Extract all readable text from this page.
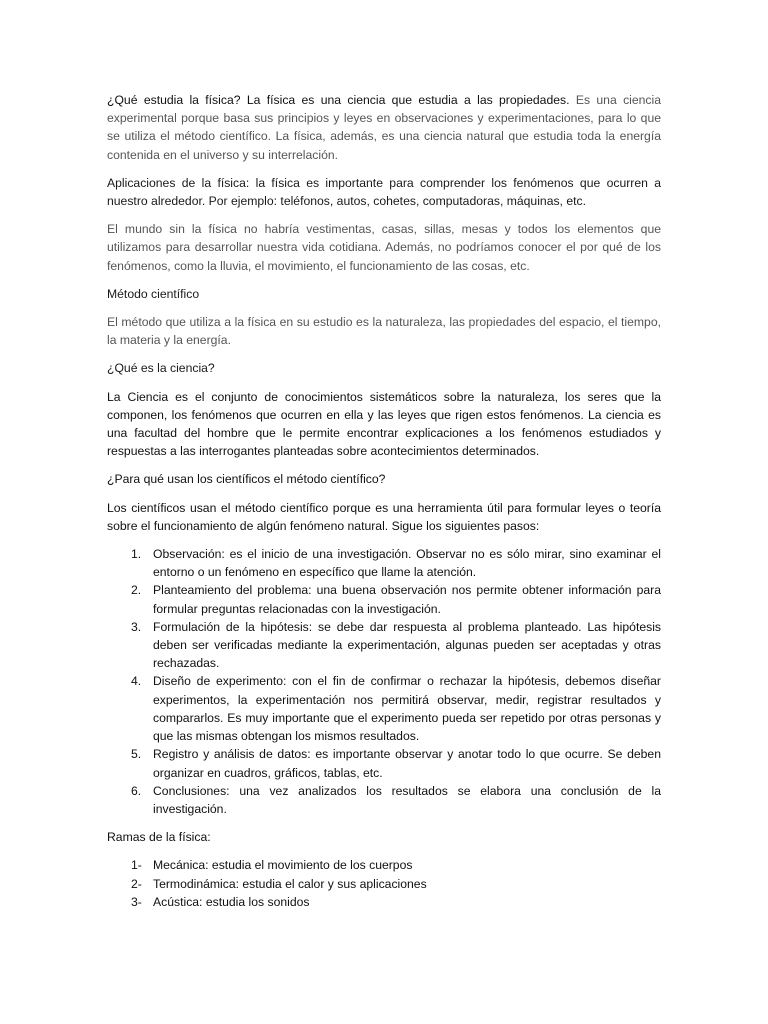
¿Qué estudia la física? La física es una ciencia que estudia a las propiedades. Es una ciencia experimental porque basa sus principios y leyes en observaciones y experimentaciones, para lo que se utiliza el método científico. La física, además, es una ciencia natural que estudia toda la energía contenida en el universo y su interrelación.

Aplicaciones de la física: la física es importante para comprender los fenómenos que ocurren a nuestro alrededor. Por ejemplo: teléfonos, autos, cohetes, computadoras, máquinas, etc.

El mundo sin la física no habría vestimentas, casas, sillas, mesas y todos los elementos que utilizamos para desarrollar nuestra vida cotidiana. Además, no podríamos conocer el por qué de los fenómenos, como la lluvia, el movimiento, el funcionamiento de las cosas, etc.

Método científico

El método que utiliza a la física en su estudio es la naturaleza, las propiedades del espacio, el tiempo, la materia y la energía.

¿Qué es la ciencia?

La Ciencia es el conjunto de conocimientos sistemáticos sobre la naturaleza, los seres que la componen, los fenómenos que ocurren en ella y las leyes que rigen estos fenómenos. La ciencia es una facultad del hombre que le permite encontrar explicaciones a los fenómenos estudiados y respuestas a las interrogantes planteadas sobre acontecimientos determinados.

¿Para qué usan los científicos el método científico?

Los científicos usan el método científico porque es una herramienta útil para formular leyes o teoría sobre el funcionamiento de algún fenómeno natural. Sigue los siguientes pasos:

1. Observación: es el inicio de una investigación. Observar no es sólo mirar, sino examinar el entorno o un fenómeno en específico que llame la atención.
2. Planteamiento del problema: una buena observación nos permite obtener información para formular preguntas relacionadas con la investigación.
3. Formulación de la hipótesis: se debe dar respuesta al problema planteado. Las hipótesis deben ser verificadas mediante la experimentación, algunas pueden ser aceptadas y otras rechazadas.
4. Diseño de experimento: con el fin de confirmar o rechazar la hipótesis, debemos diseñar experimentos, la experimentación nos permitirá observar, medir, registrar resultados y compararlos. Es muy importante que el experimento pueda ser repetido por otras personas y que las mismas obtengan los mismos resultados.
5. Registro y análisis de datos: es importante observar y anotar todo lo que ocurre. Se deben organizar en cuadros, gráficos, tablas, etc.
6. Conclusiones: una vez analizados los resultados se elabora una conclusión de la investigación.
Ramas de la física:
1- Mecánica: estudia el movimiento de los cuerpos
2- Termodinámica: estudia el calor y sus aplicaciones
3- Acústica: estudia los sonidos
